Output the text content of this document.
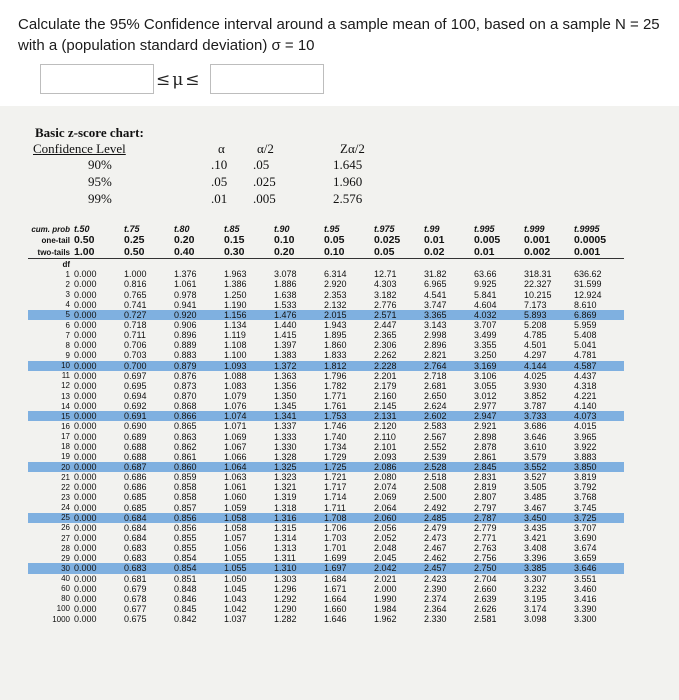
Calculate the 95% Confidence interval around a sample mean of 100, based on a sample N = 25 with a (population standard deviation) σ = 10
≤μ≤
Basic z-score chart:
Confidence Level	α α/2	Zα/2
90%	.10 .05	1.645
95%	.05 .025	1.960
99%	.01 .005	2.576
cum. prob	t.50	t.75	t.80	t.85	t.90	t.95	t.975	t.99	t.995	t.999	t.9995
one-tail	0.50	0.25	0.20	0.15	0.10	0.05	0.025	0.01	0.005	0.001	0.0005
two-tails	1.00	0.50	0.40	0.30	0.20	0.10	0.05	0.02	0.01	0.002	0.001
df											
1	0.000	1.000	1.376	1.963	3.078	6.314	12.71	31.82	63.66	318.31	636.62
2	0.000	0.816	1.061	1.386	1.886	2.920	4.303	6.965	9.925	22.327	31.599
3	0.000	0.765	0.978	1.250	1.638	2.353	3.182	4.541	5.841	10.215	12.924
4	0.000	0.741	0.941	1.190	1.533	2.132	2.776	3.747	4.604	7.173	8.610
5	0.000	0.727	0.920	1.156	1.476	2.015	2.571	3.365	4.032	5.893	6.869
6	0.000	0.718	0.906	1.134	1.440	1.943	2.447	3.143	3.707	5.208	5.959
7	0.000	0.711	0.896	1.119	1.415	1.895	2.365	2.998	3.499	4.785	5.408
8	0.000	0.706	0.889	1.108	1.397	1.860	2.306	2.896	3.355	4.501	5.041
9	0.000	0.703	0.883	1.100	1.383	1.833	2.262	2.821	3.250	4.297	4.781
10	0.000	0.700	0.879	1.093	1.372	1.812	2.228	2.764	3.169	4.144	4.587
11	0.000	0.697	0.876	1.088	1.363	1.796	2.201	2.718	3.106	4.025	4.437
12	0.000	0.695	0.873	1.083	1.356	1.782	2.179	2.681	3.055	3.930	4.318
13	0.000	0.694	0.870	1.079	1.350	1.771	2.160	2.650	3.012	3.852	4.221
14	0.000	0.692	0.868	1.076	1.345	1.761	2.145	2.624	2.977	3.787	4.140
15	0.000	0.691	0.866	1.074	1.341	1.753	2.131	2.602	2.947	3.733	4.073
16	0.000	0.690	0.865	1.071	1.337	1.746	2.120	2.583	2.921	3.686	4.015
17	0.000	0.689	0.863	1.069	1.333	1.740	2.110	2.567	2.898	3.646	3.965
18	0.000	0.688	0.862	1.067	1.330	1.734	2.101	2.552	2.878	3.610	3.922
19	0.000	0.688	0.861	1.066	1.328	1.729	2.093	2.539	2.861	3.579	3.883
20	0.000	0.687	0.860	1.064	1.325	1.725	2.086	2.528	2.845	3.552	3.850
21	0.000	0.686	0.859	1.063	1.323	1.721	2.080	2.518	2.831	3.527	3.819
22	0.000	0.686	0.858	1.061	1.321	1.717	2.074	2.508	2.819	3.505	3.792
23	0.000	0.685	0.858	1.060	1.319	1.714	2.069	2.500	2.807	3.485	3.768
24	0.000	0.685	0.857	1.059	1.318	1.711	2.064	2.492	2.797	3.467	3.745
25	0.000	0.684	0.856	1.058	1.316	1.708	2.060	2.485	2.787	3.450	3.725
26	0.000	0.684	0.856	1.058	1.315	1.706	2.056	2.479	2.779	3.435	3.707
27	0.000	0.684	0.855	1.057	1.314	1.703	2.052	2.473	2.771	3.421	3.690
28	0.000	0.683	0.855	1.056	1.313	1.701	2.048	2.467	2.763	3.408	3.674
29	0.000	0.683	0.854	1.055	1.311	1.699	2.045	2.462	2.756	3.396	3.659
30	0.000	0.683	0.854	1.055	1.310	1.697	2.042	2.457	2.750	3.385	3.646
40	0.000	0.681	0.851	1.050	1.303	1.684	2.021	2.423	2.704	3.307	3.551
60	0.000	0.679	0.848	1.045	1.296	1.671	2.000	2.390	2.660	3.232	3.460
80	0.000	0.678	0.846	1.043	1.292	1.664	1.990	2.374	2.639	3.195	3.416
100	0.000	0.677	0.845	1.042	1.290	1.660	1.984	2.364	2.626	3.174	3.390
1000	0.000	0.675	0.842	1.037	1.282	1.646	1.962	2.330	2.581	3.098	3.300
